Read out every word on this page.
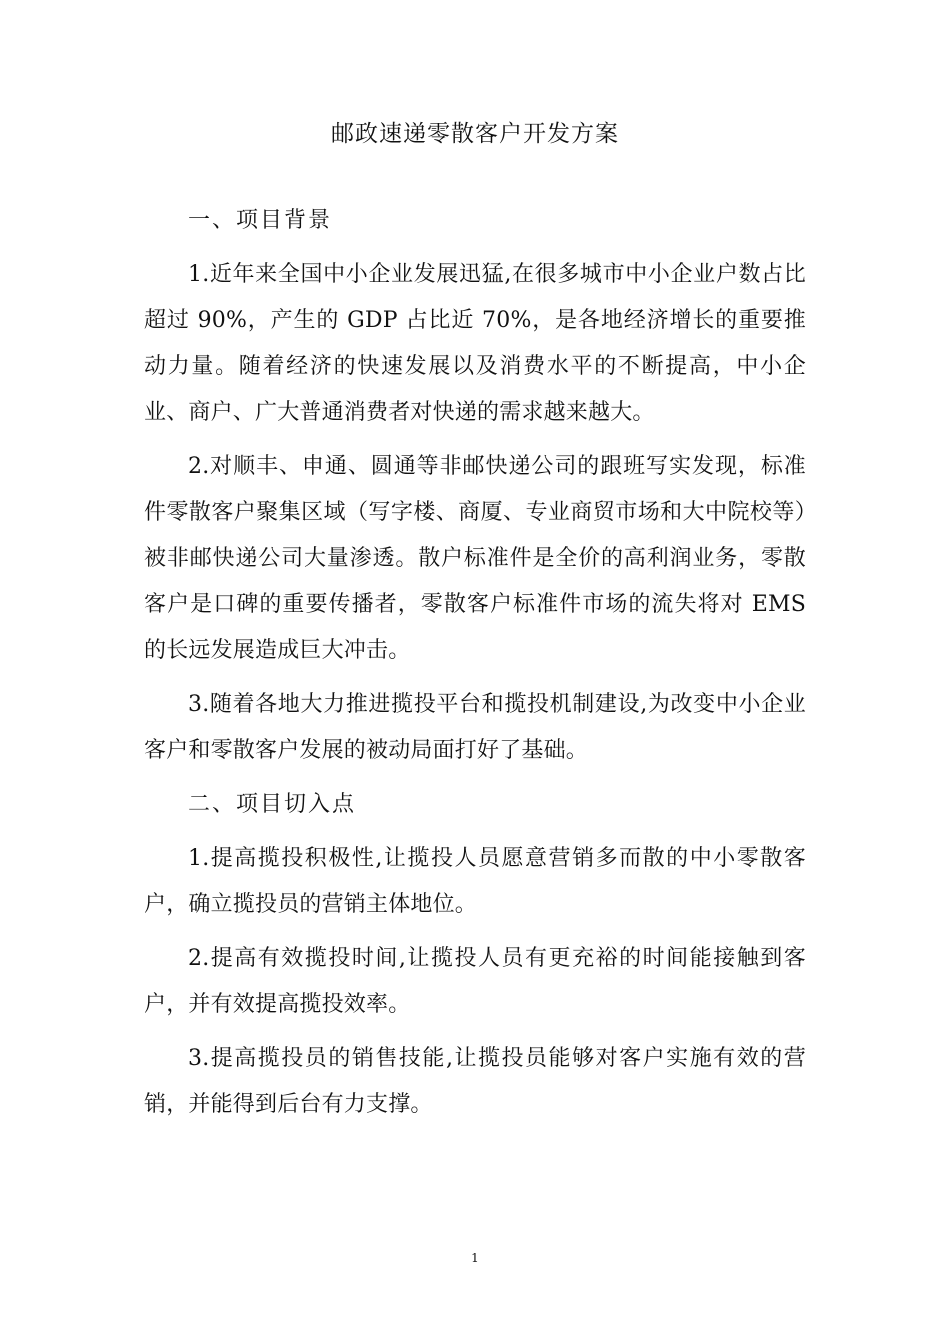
邮政速递零散客户开发方案

一、项目背景

1.近年来全国中小企业发展迅猛,在很多城市中小企业户数占比超过 90%，产生的 GDP 占比近 70%，是各地经济增长的重要推动力量。随着经济的快速发展以及消费水平的不断提高，中小企业、商户、广大普通消费者对快递的需求越来越大。

2.对顺丰、申通、圆通等非邮快递公司的跟班写实发现，标准件零散客户聚集区域（写字楼、商厦、专业商贸市场和大中院校等）被非邮快递公司大量渗透。散户标准件是全价的高利润业务，零散客户是口碑的重要传播者，零散客户标准件市场的流失将对 EMS 的长远发展造成巨大冲击。

3.随着各地大力推进揽投平台和揽投机制建设,为改变中小企业客户和零散客户发展的被动局面打好了基础。

二、项目切入点

1.提高揽投积极性,让揽投人员愿意营销多而散的中小零散客户，确立揽投员的营销主体地位。

2.提高有效揽投时间,让揽投人员有更充裕的时间能接触到客户，并有效提高揽投效率。

3.提高揽投员的销售技能,让揽投员能够对客户实施有效的营销，并能得到后台有力支撑。

1
